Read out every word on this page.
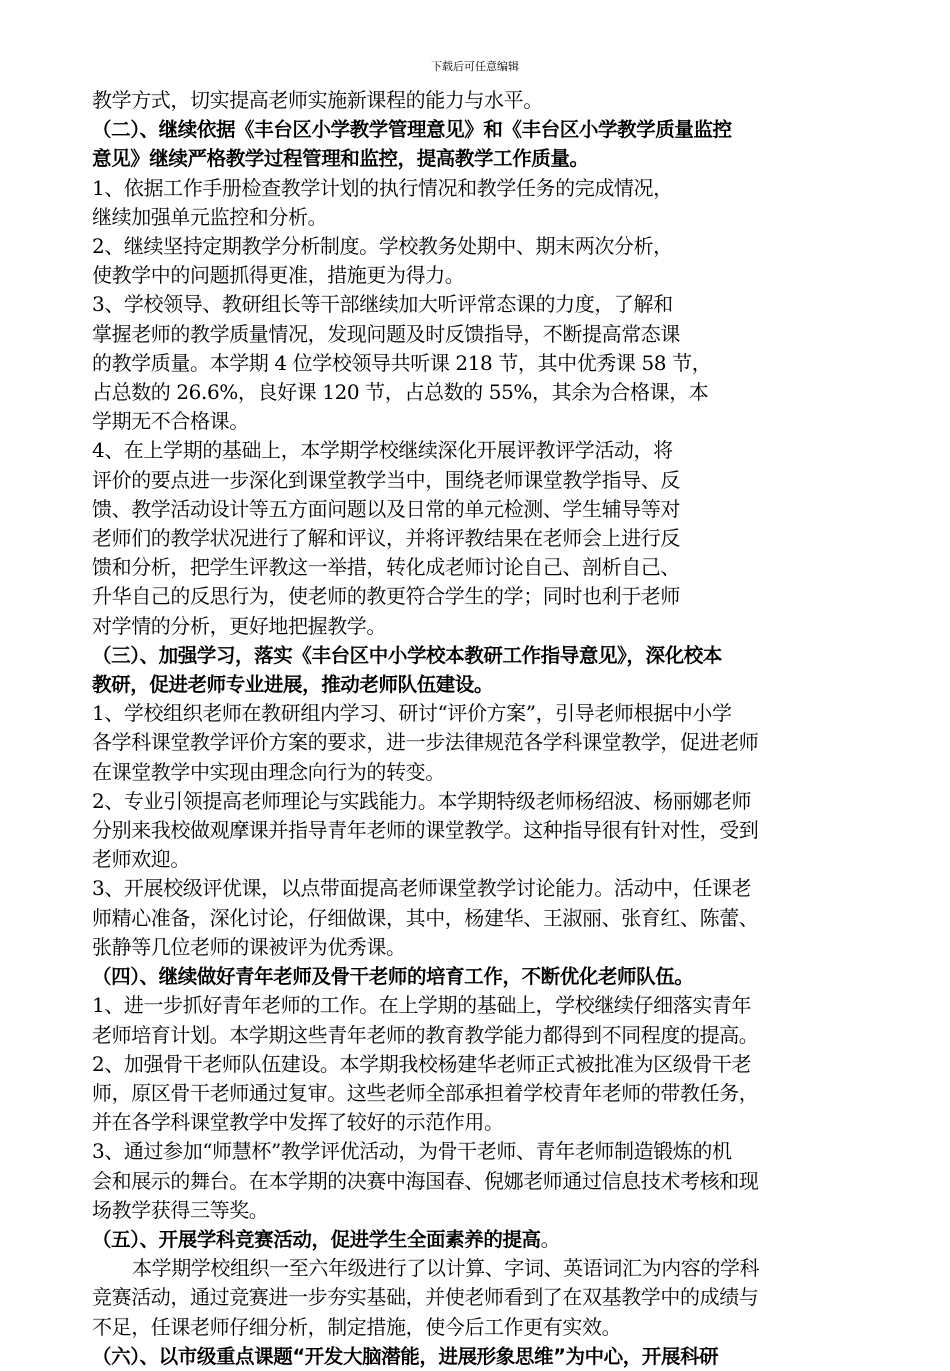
下载后可任意编辑
教学方式，切实提高老师实施新课程的能力与水平。
（二）、继续依据《丰台区小学教学管理意见》和《丰台区小学教学质量监控
意见》继续严格教学过程管理和监控，提高教学工作质量。
1、依据工作手册检查教学计划的执行情况和教学任务的完成情况，
继续加强单元监控和分析。
2、继续坚持定期教学分析制度。学校教务处期中、期末两次分析，
使教学中的问题抓得更准，措施更为得力。
3、学校领导、教研组长等干部继续加大听评常态课的力度，了解和
掌握老师的教学质量情况，发现问题及时反馈指导，不断提高常态课
的教学质量。本学期 4 位学校领导共听课 218 节，其中优秀课 58 节，
占总数的 26.6%，良好课 120 节，占总数的 55%，其余为合格课，本
学期无不合格课。
4、在上学期的基础上，本学期学校继续深化开展评教评学活动，将
评价的要点进一步深化到课堂教学当中，围绕老师课堂教学指导、反
馈、教学活动设计等五方面问题以及日常的单元检测、学生辅导等对
老师们的教学状况进行了解和评议，并将评教结果在老师会上进行反
馈和分析，把学生评教这一举措，转化成老师讨论自己、剖析自己、
升华自己的反思行为，使老师的教更符合学生的学；同时也利于老师
对学情的分析，更好地把握教学。
（三）、加强学习，落实《丰台区中小学校本教研工作指导意见》，深化校本
教研，促进老师专业进展，推动老师队伍建设。
1、学校组织老师在教研组内学习、研讨“评价方案”，引导老师根据中小学
各学科课堂教学评价方案的要求，进一步法律规范各学科课堂教学，促进老师
在课堂教学中实现由理念向行为的转变。
2、专业引领提高老师理论与实践能力。本学期特级老师杨绍波、杨丽娜老师
分别来我校做观摩课并指导青年老师的课堂教学。这种指导很有针对性，受到
老师欢迎。
3、开展校级评优课，以点带面提高老师课堂教学讨论能力。活动中，任课老
师精心准备，深化讨论，仔细做课，其中，杨建华、王淑丽、张育红、陈蕾、
张静等几位老师的课被评为优秀课。
（四）、继续做好青年老师及骨干老师的培育工作，不断优化老师队伍。
1、进一步抓好青年老师的工作。在上学期的基础上，学校继续仔细落实青年
老师培育计划。本学期这些青年老师的教育教学能力都得到不同程度的提高。
2、加强骨干老师队伍建设。本学期我校杨建华老师正式被批准为区级骨干老
师，原区骨干老师通过复审。这些老师全部承担着学校青年老师的带教任务，
并在各学科课堂教学中发挥了较好的示范作用。
3、通过参加“师慧杯”教学评优活动，为骨干老师、青年老师制造锻炼的机
会和展示的舞台。在本学期的决赛中海国春、倪娜老师通过信息技术考核和现
场教学获得三等奖。
（五）、开展学科竞赛活动，促进学生全面素养的提高。
本学期学校组织一至六年级进行了以计算、字词、英语词汇为内容的学科
竞赛活动，通过竞赛进一步夯实基础，并使老师看到了在双基教学中的成绩与
不足，任课老师仔细分析，制定措施，使今后工作更有实效。
（六）、以市级重点课题“开发大脑潜能，进展形象思维”为中心，开展科研
